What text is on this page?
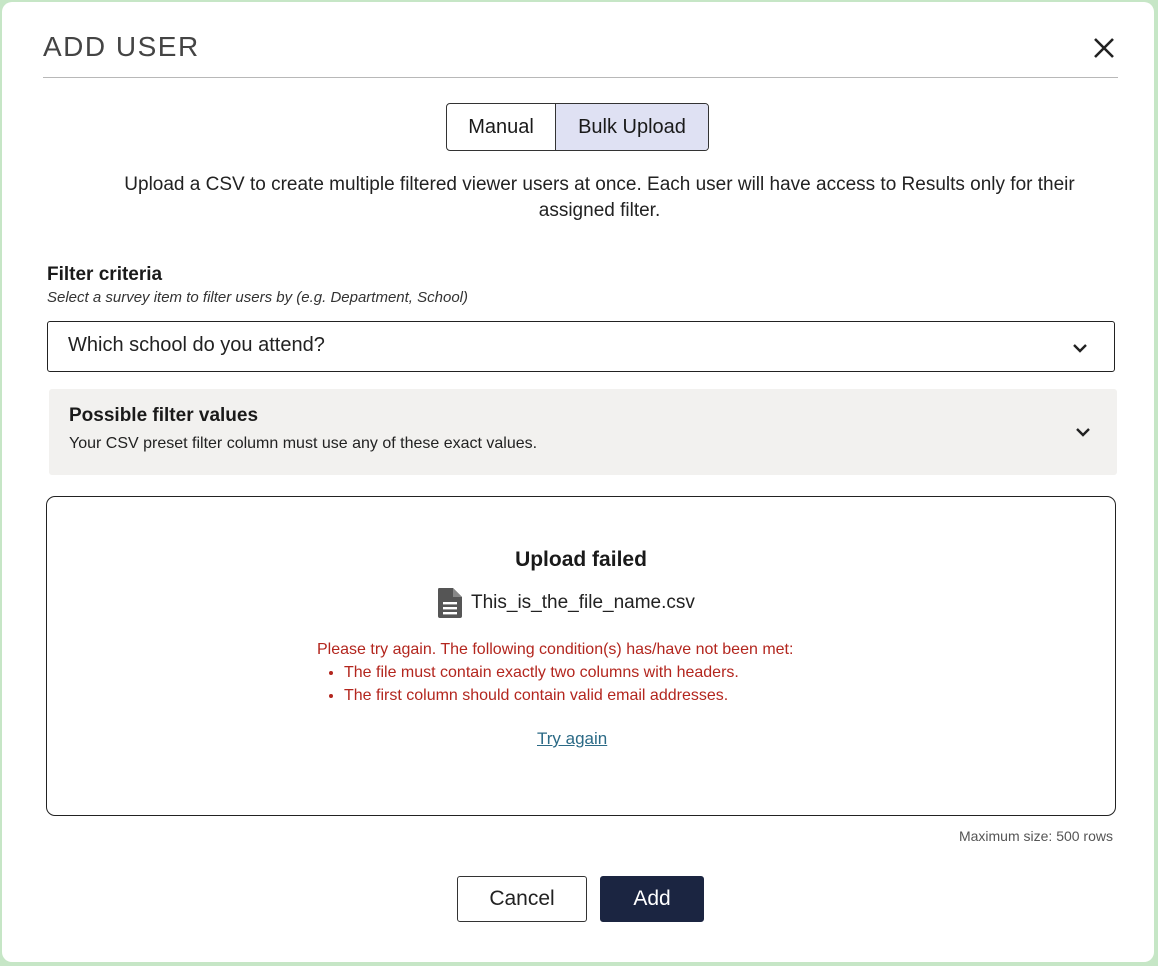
ADD USER
Manual	Bulk Upload
Upload a CSV to create multiple filtered viewer users at once. Each user will have access to Results only for their assigned filter.
Filter criteria
Select a survey item to filter users by (e.g. Department, School)
Which school do you attend?
Possible filter values
Your CSV preset filter column must use any of these exact values.
Upload failed
This_is_the_file_name.csv
Please try again. The following condition(s) has/have not been met:
• The file must contain exactly two columns with headers.
• The first column should contain valid email addresses.
Try again
Maximum size: 500 rows
Cancel	Add
